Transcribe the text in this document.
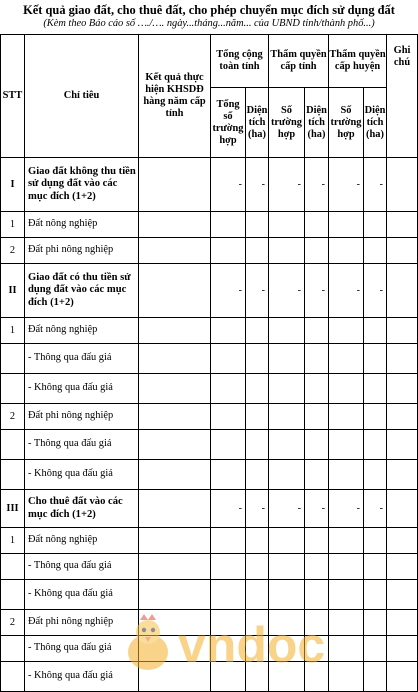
Kết quả giao đất, cho thuê đất, cho phép chuyển mục đích sử dụng đất
(Kèm theo Báo cáo số …./…. ngày...tháng...năm... của UBND tỉnh/thành phố...)
STT	Chỉ tiêu	Kết quả thực hiện KHSDĐ hàng năm cấp tỉnh	Tổng cộng toàn tỉnh		Thẩm quyền cấp tỉnh		Thẩm quyền cấp huyện		Ghi chú
			Tổng số trường hợp	Diện tích (ha)	Số trường hợp	Diện tích (ha)	Số trường hợp	Diện tích (ha)	
I	Giao đất không thu tiền sử dụng đất vào các mục đích (1+2)		-	-	-	-	-	-	
1	Đất nông nghiệp								
2	Đất phi nông nghiệp								
II	Giao đất có thu tiền sử dụng đất vào các mục đích (1+2)		-	-	-	-	-	-	
1	Đất nông nghiệp								
	- Thông qua đấu giá								
	- Không qua đấu giá								
2	Đất phi nông nghiệp								
	- Thông qua đấu giá								
	- Không qua đấu giá								
III	Cho thuê đất vào các mục đích (1+2)		-	-	-	-	-	-	
1	Đất nông nghiệp								
	- Thông qua đấu giá								
	- Không qua đấu giá								
2	Đất phi nông nghiệp								
	- Thông qua đấu giá								
	- Không qua đấu giá								
vndoc
